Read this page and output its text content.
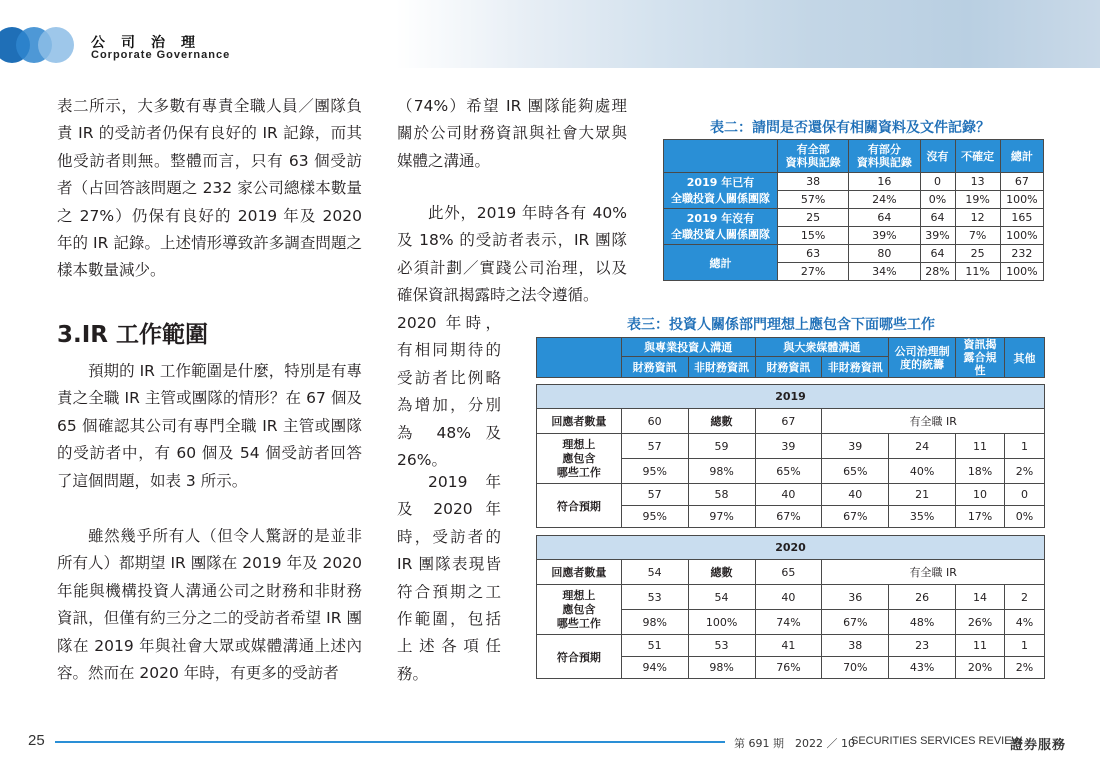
公司治理
Corporate Governance
表二所示，大多數有專責全職人員／團隊負責 IR 的受訪者仍保有良好的 IR 記錄，而其他受訪者則無。整體而言，只有 63 個受訪者（占回答該問題之 232 家公司總樣本數量之 27%）仍保有良好的 2019 年及 2020 年的 IR 記錄。上述情形導致許多調查問題之樣本數量減少。
3.IR 工作範圍
預期的 IR 工作範圍是什麼，特別是有專責之全職 IR 主管或團隊的情形？在 67 個及 65 個確認其公司有專門全職 IR 主管或團隊的受訪者中，有 60 個及 54 個受訪者回答了這個問題，如表 3 所示。
雖然幾乎所有人（但令人驚訝的是並非所有人）都期望 IR 團隊在 2019 年及 2020 年能與機構投資人溝通公司之財務和非財務資訊，但僅有約三分之二的受訪者希望 IR 團隊在 2019 年與社會大眾或媒體溝通上述內容。然而在 2020 年時，有更多的受訪者
（74%）希望 IR 團隊能夠處理關於公司財務資訊與社會大眾與媒體之溝通。
此外，2019 年時各有 40% 及 18% 的受訪者表示，IR 團隊必須計劃／實踐公司治理，以及確保資訊揭露時之法令遵循。
2020 年時，有相同期待的受訪者比例略為增加，分別為 48% 及 26%。
2019 年及 2020 年時，受訪者的 IR 團隊表現皆符合預期之工作範圍，包括上述各項任務。
表二：請問是否還保有相關資料及文件記錄？
	有全部
資料與記錄	有部分
資料與記錄	沒有	不確定	總計
2019 年已有
全職投資人關係團隊	38	16	0	13	67
	57%	24%	0%	19%	100%
2019 年沒有
全職投資人關係團隊	25	64	64	12	165
	15%	39%	39%	7%	100%
總計	63	80	64	25	232
	27%	34%	28%	11%	100%
表三：投資人關係部門理想上應包含下面哪些工作
	與專業投資人溝通		與大衆媒體溝通		公司治理制度的統籌	資訊揭露合規性	其他
	財務資訊	非財務資訊	財務資訊	非財務資訊			

2019							
回應者數量	60	總數	67	有全職 IR			
理想上
應包含
哪些工作	57	59	39	39	24	11	1
	95%	98%	65%	65%	40%	18%	2%
符合預期	57	58	40	40	21	10	0
	95%	97%	67%	67%	35%	17%	0%

2020							
回應者數量	54	總數	65	有全職 IR			
理想上
應包含
哪些工作	53	54	40	36	26	14	2
	98%	100%	74%	67%	48%	26%	4%
符合預期	51	53	41	38	23	11	1
	94%	98%	76%	70%	43%	20%	2%
25	第 691 期　2022 ／ 10
SECURITIES SERVICES REVIEW
證券服務
